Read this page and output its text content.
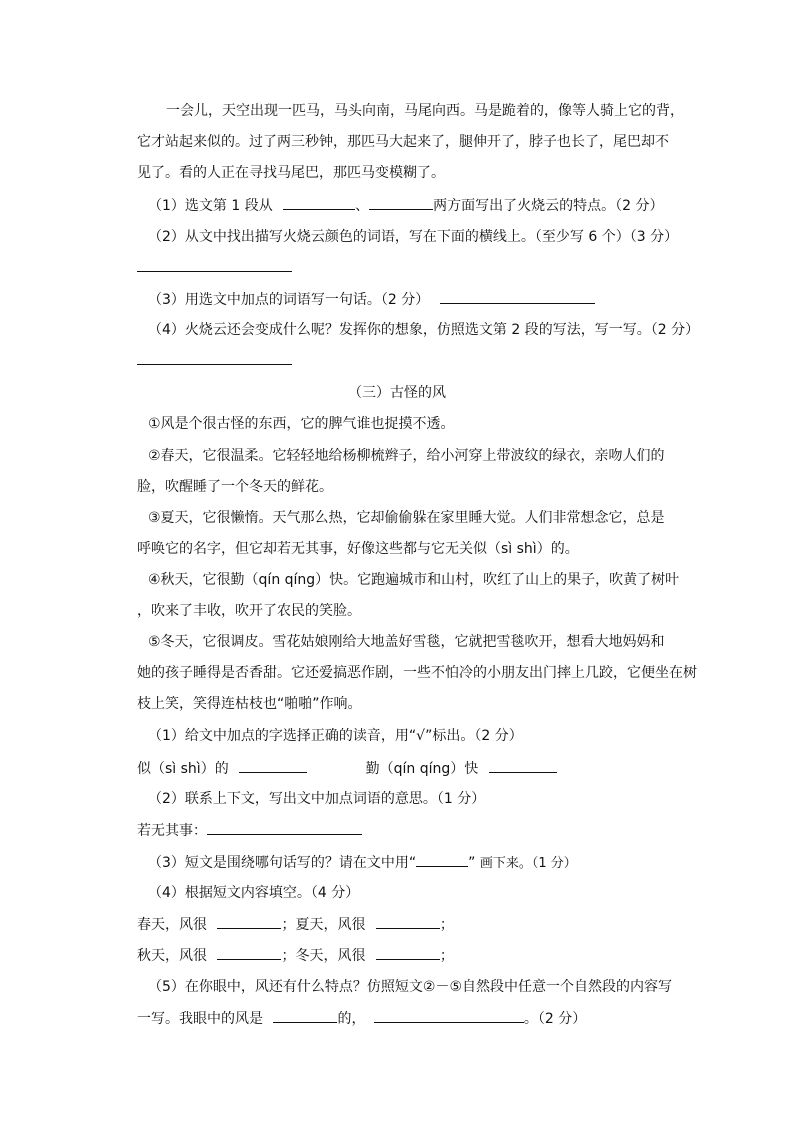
一会儿，天空出现一匹马，马头向南，马尾向西。马是跪着的，像等人骑上它的背，
它才站起来似的。过了两三秒钟，那匹马大起来了，腿伸开了，脖子也长了，尾巴却不
见了。看的人正在寻找马尾巴，那匹马变模糊了。
（1）选文第 1 段从	、	两方面写出了火烧云的特点。（2 分）
（2）从文中找出描写火烧云颜色的词语，写在下面的横线上。（至少写 6 个）（3 分）
（3）用选文中加点的词语写一句话。（2 分）
（4）火烧云还会变成什么呢？发挥你的想象，仿照选文第 2 段的写法，写一写。（2 分）
（三）古怪的风
①风是个很古怪的东西，它的脾气谁也捉摸不透。
②春天，它很温柔。它轻轻地给杨柳梳辫子，给小河穿上带波纹的绿衣，亲吻人们的
脸，吹醒睡了一个冬天的鲜花。
③夏天，它很懒惰。天气那么热，它却偷偷躲在家里睡大觉。人们非常想念它，总是
呼唤它的名字，但它却若无其事，好像这些都与它无关似（sì shì）的。
④秋天，它很勤（qín qíng）快。它跑遍城市和山村，吹红了山上的果子，吹黄了树叶
，吹来了丰收，吹开了农民的笑脸。
⑤冬天，它很调皮。雪花姑娘刚给大地盖好雪毯，它就把雪毯吹开，想看大地妈妈和
她的孩子睡得是否香甜。它还爱搞恶作剧，一些不怕冷的小朋友出门摔上几跤，它便坐在树
枝上笑，笑得连枯枝也“啪啪”作响。
（1）给文中加点的字选择正确的读音，用“√”标出。（2 分）
似（sì shì）的	勤（qín qíng）快
（2）联系上下文，写出文中加点词语的意思。（1 分）
若无其事：
（3）短文是围绕哪句话写的？请在文中用“	” 画下来。（1 分）
（4）根据短文内容填空。（4 分）
春天，风很	；夏天，风很	；
秋天，风很	；冬天，风很	；
（5）在你眼中，风还有什么特点？仿照短文②－⑤自然段中任意一个自然段的内容写
一写。我眼中的风是	的，	。（2 分）
